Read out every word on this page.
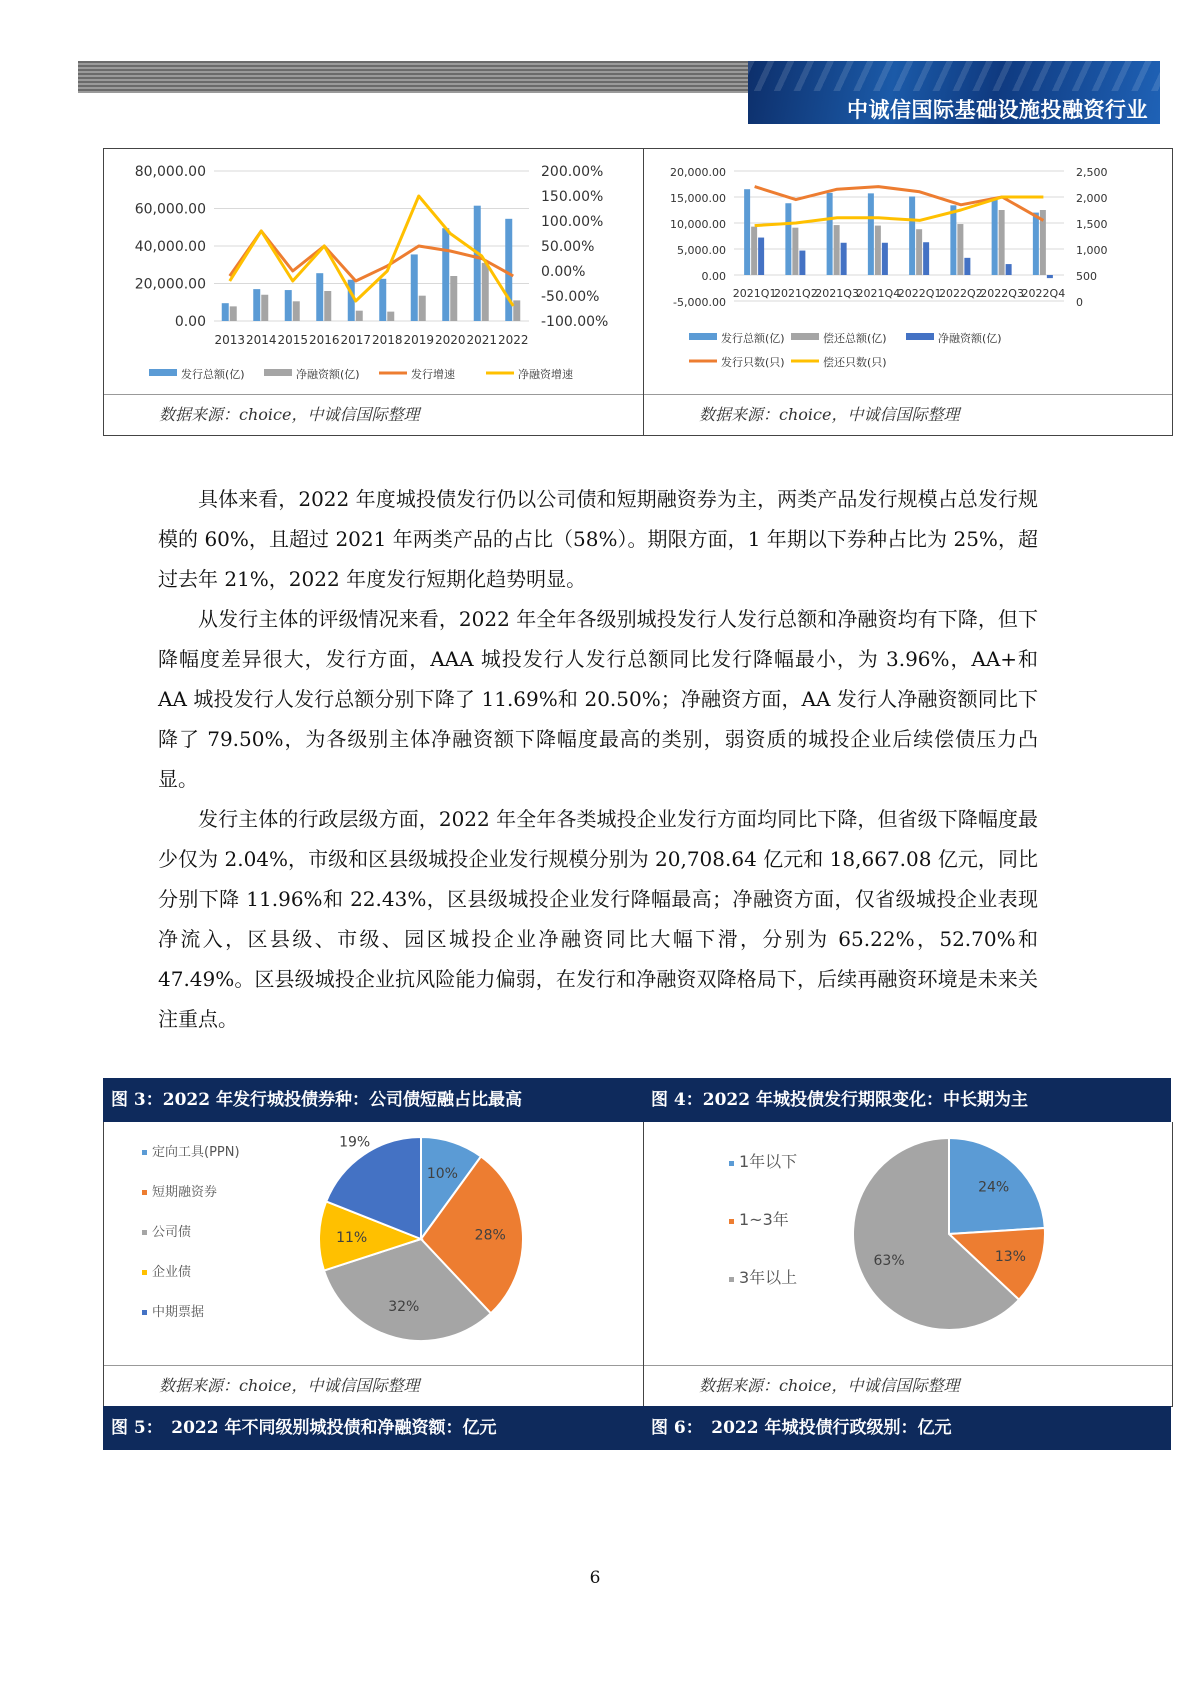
中诚信国际基础设施投融资行业
80,000.00
60,000.00
40,000.00
20,000.00
0.00
200.00%
150.00%
100.00%
50.00%
0.00%
-50.00%
-100.00%
2013 2014 2015 2016 2017 2018 2019 2020 2021 2022
发行总额(亿)	净融资额(亿)	发行增速	净融资增速
数据来源：choice，中诚信国际整理
20,000.00
15,000.00
10,000.00
5,000.00
0.00
-5,000.00
2,500
2,000
1,500
1,000
500
0
2021Q1
2021Q2
2021Q3
2021Q4
2022Q1
2022Q2
2022Q3
2022Q4
发行总额(亿)	偿还总额(亿)	净融资额(亿)
发行只数(只)	偿还只数(只)
数据来源：choice，中诚信国际整理

具体来看，2022 年度城投债发行仍以公司债和短期融资券为主，两类产品发行规模占总发行规模的 60%，且超过 2021 年两类产品的占比（58%）。期限方面，1 年期以下券种占比为 25%，超过去年 21%，2022 年度发行短期化趋势明显。

从发行主体的评级情况来看，2022 年全年各级别城投发行人发行总额和净融资均有下降，但下降幅度差异很大，发行方面，AAA 城投发行人发行总额同比发行降幅最小，为 3.96%，AA+和 AA 城投发行人发行总额分别下降了 11.69%和 20.50%；净融资方面，AA 发行人净融资额同比下降了 79.50%，为各级别主体净融资额下降幅度最高的类别，弱资质的城投企业后续偿债压力凸显。

发行主体的行政层级方面，2022 年全年各类城投企业发行方面均同比下降，但省级下降幅度最少仅为 2.04%，市级和区县级城投企业发行规模分别为 20,708.64 亿元和 18,667.08 亿元，同比分别下降 11.96%和 22.43%，区县级城投企业发行降幅最高；净融资方面，仅省级城投企业表现净流入，区县级、市级、园区城投企业净融资同比大幅下滑，分别为 65.22%，52.70%和 47.49%。区县级城投企业抗风险能力偏弱，在发行和净融资双降格局下，后续再融资环境是未来关注重点。

图 3：2022 年发行城投债券种：公司债短融占比最高
10%
28%
32%
11%
19%
定向工具(PPN)
短期融资券
公司债
企业债
中期票据
数据来源：choice，中诚信国际整理
图 4：2022 年城投债发行期限变化：中长期为主
24%
13%
63%
1年以下
1~3年
3年以上
数据来源：choice，中诚信国际整理
图 5：　2022 年不同级别城投债和净融资额：亿元	图 6：　2022 年城投债行政级别：亿元
6
